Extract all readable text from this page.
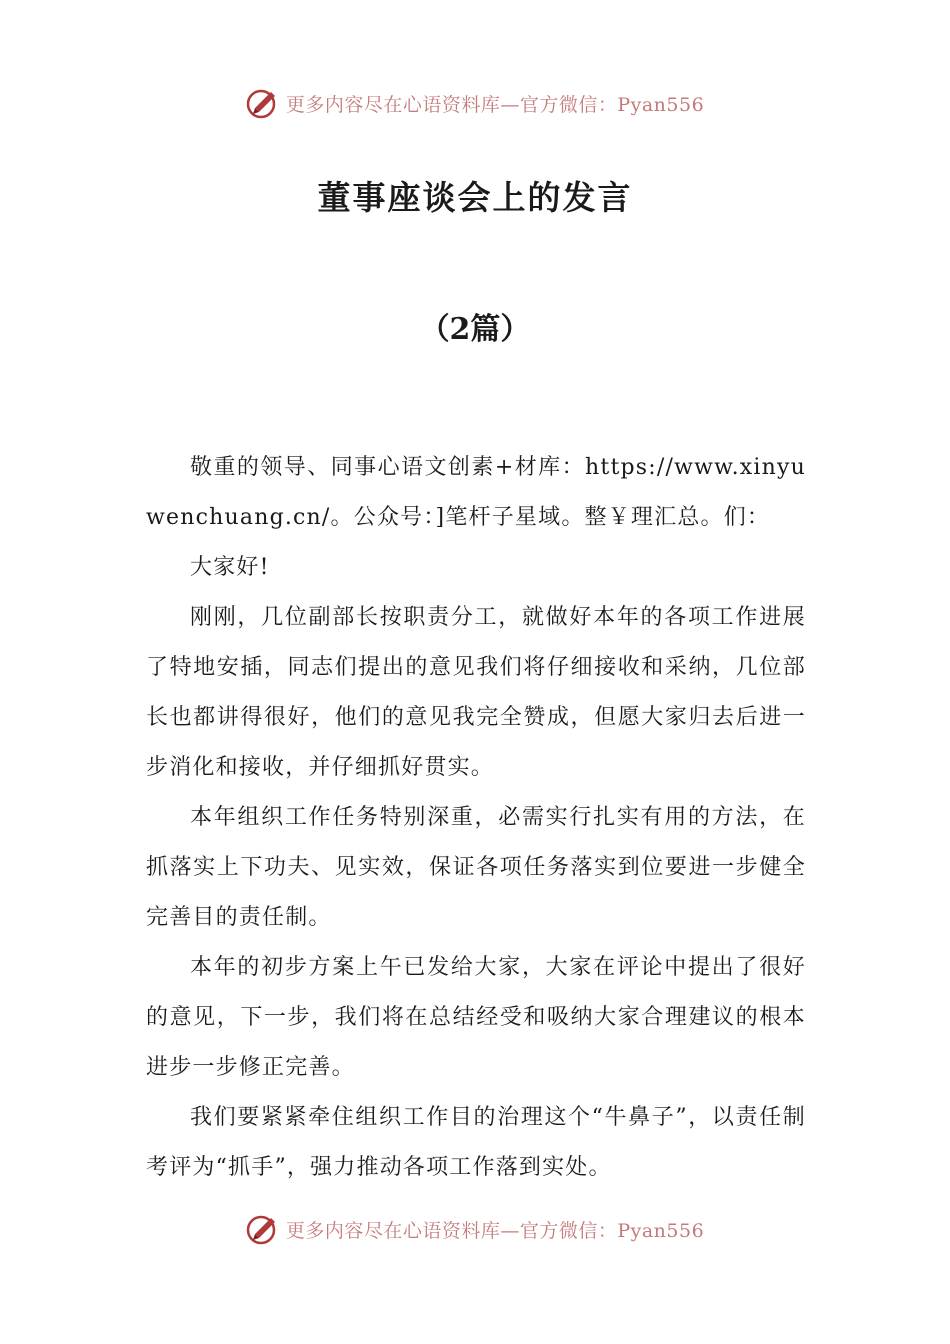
更多内容尽在心语资料库—官方微信：Pyan556
董事座谈会上的发言
（2篇）

敬重的领导、同事心语文创素+材库：https://www.xinyuwenchuang.cn/。公众号：]笔杆子星域。整￥理汇总。们：

大家好!

刚刚，几位副部长按职责分工，就做好本年的各项工作进展了特地安插，同志们提出的意见我们将仔细接收和采纳，几位部长也都讲得很好，他们的意见我完全赞成，但愿大家归去后进一步消化和接收，并仔细抓好贯实。

本年组织工作任务特别深重，必需实行扎实有用的方法，在抓落实上下功夫、见实效，保证各项任务落实到位要进一步健全完善目的责任制。

本年的初步方案上午已发给大家，大家在评论中提出了很好的意见，下一步，我们将在总结经受和吸纳大家合理建议的根本进步一步修正完善。

我们要紧紧牵住组织工作目的治理这个“牛鼻子”，以责任制考评为“抓手”，强力推动各项工作落到实处。

更多内容尽在心语资料库—官方微信：Pyan556
